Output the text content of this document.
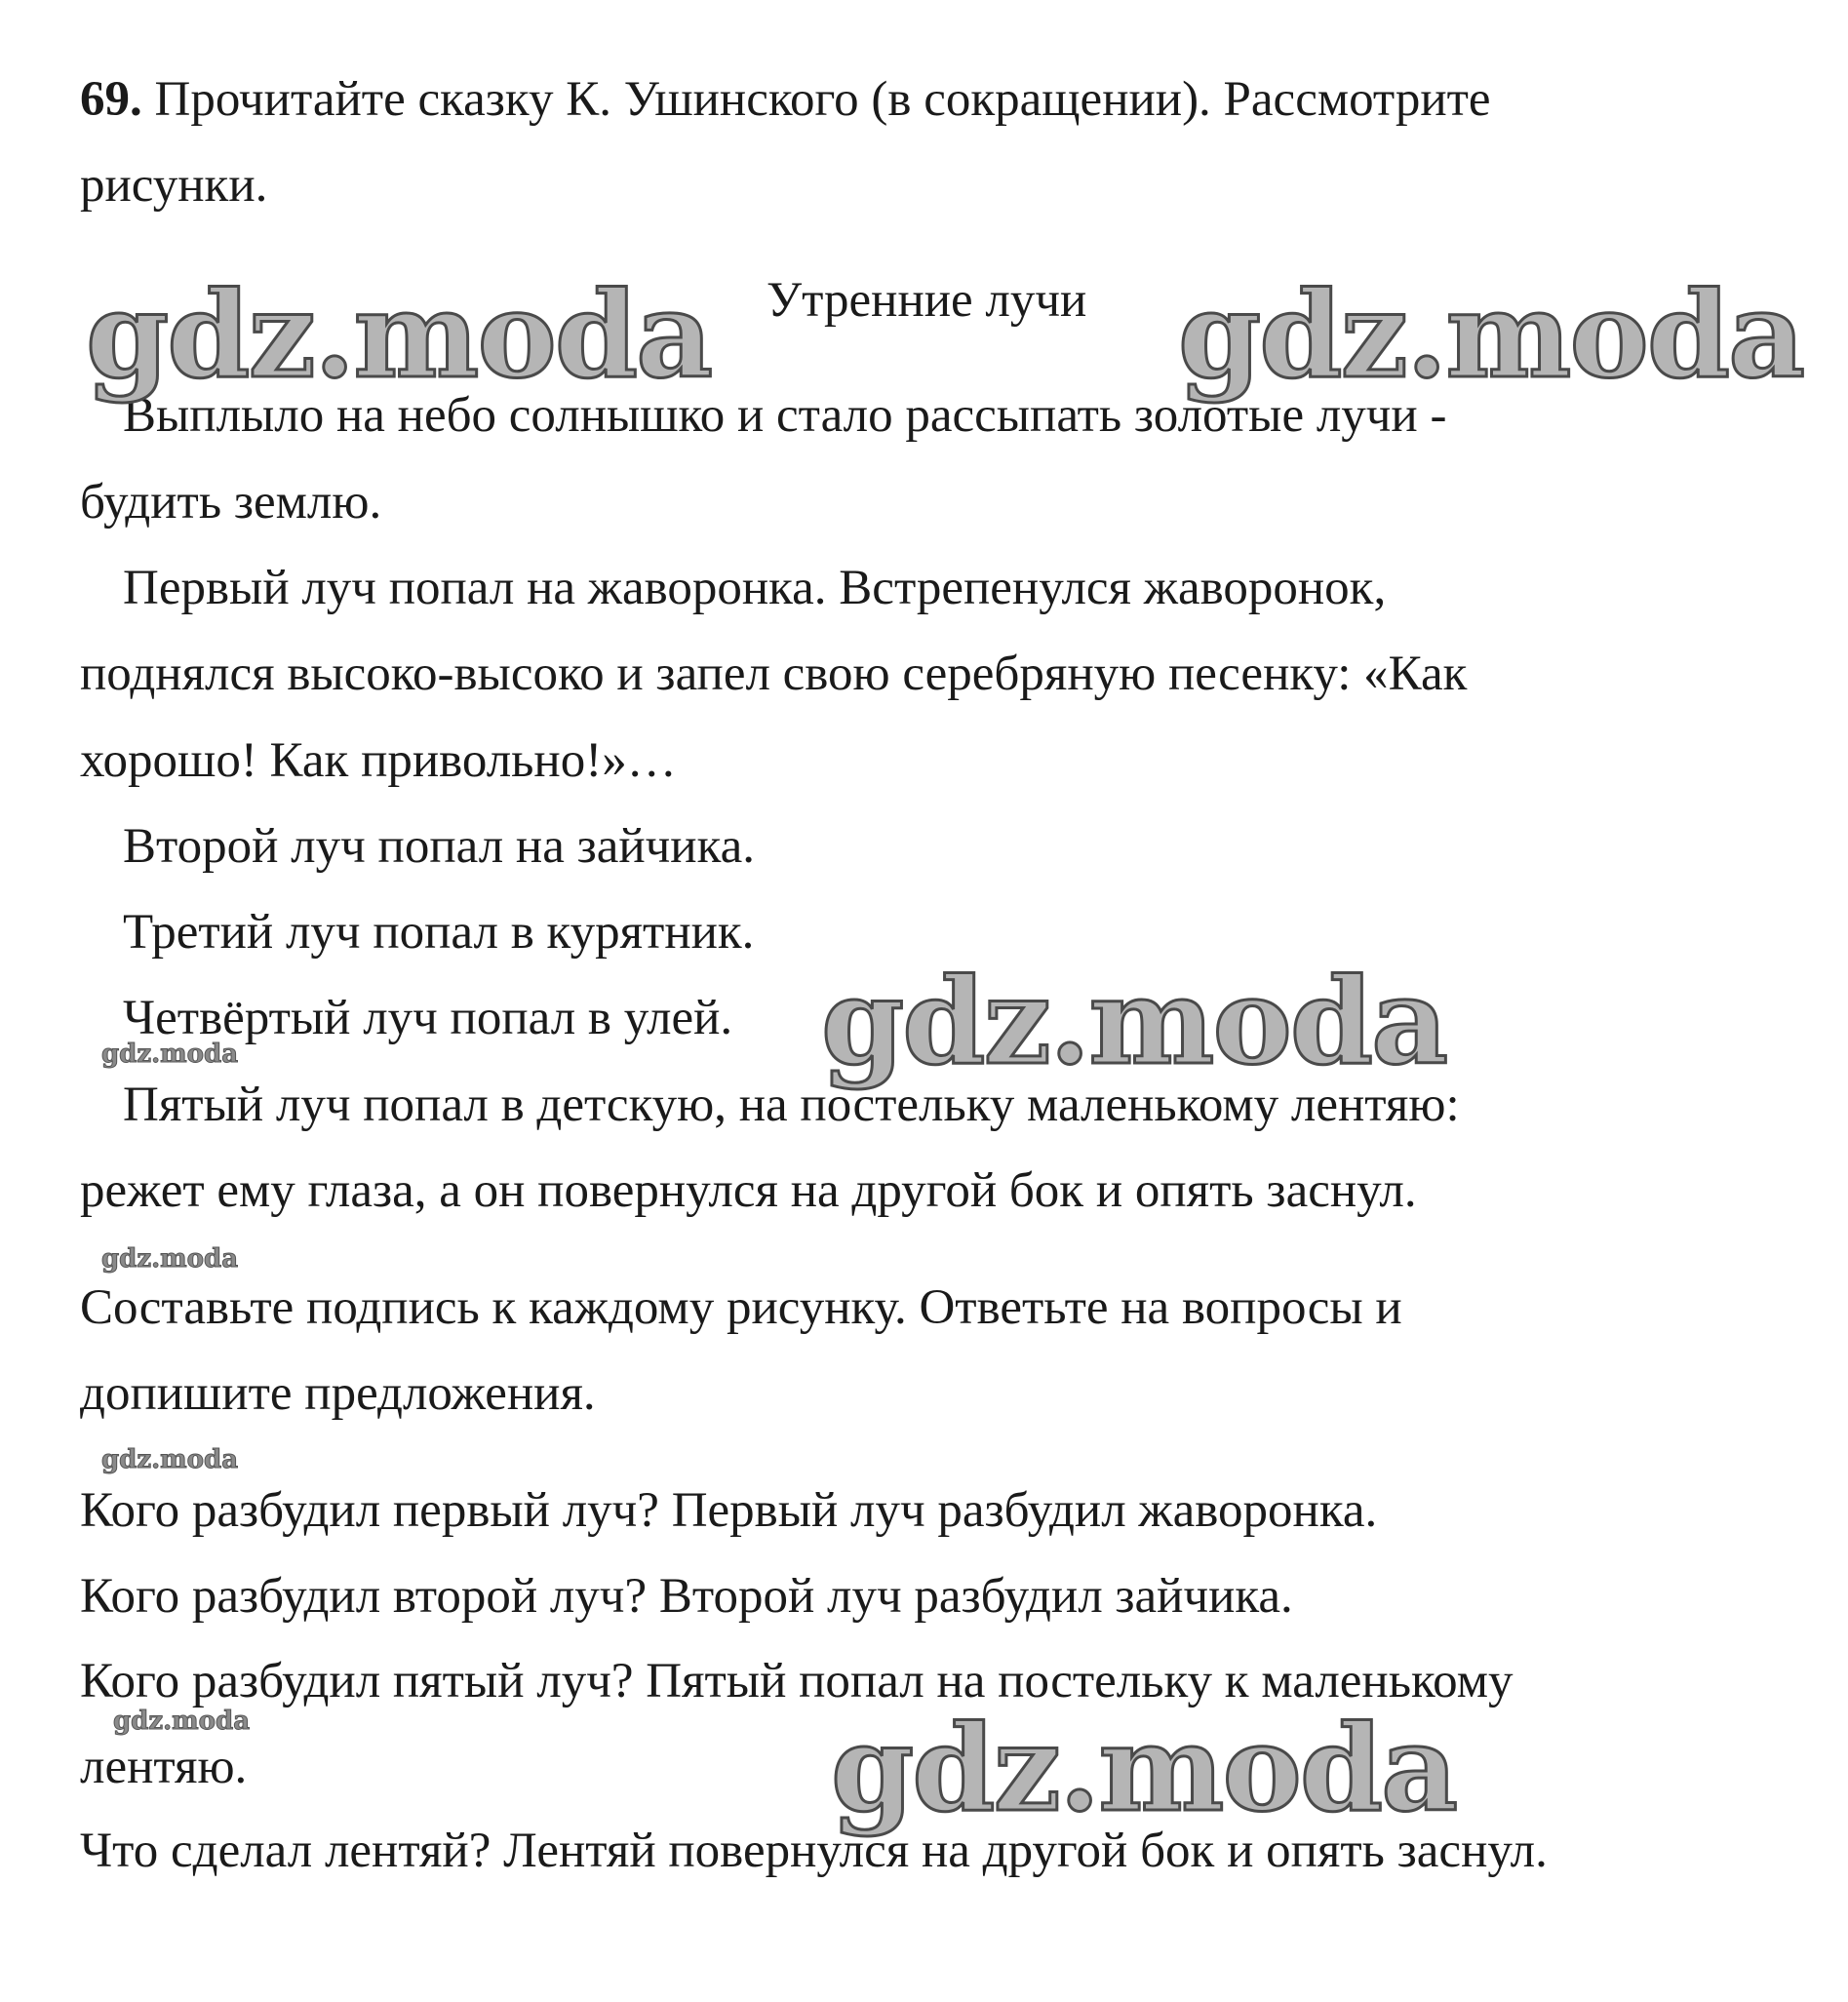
69. Прочитайте сказку К. Ушинского (в сокращении). Рассмотрите

рисунки.

Утренние лучи

Выплыло на небо солнышко и стало рассыпать золотые лучи -

будить землю.

Первый луч попал на жаворонка. Встрепенулся жаворонок,

поднялся высоко-высоко и запел свою серебряную песенку: «Как

хорошо! Как привольно!»…

Второй луч попал на зайчика.

Третий луч попал в курятник.

Четвёртый луч попал в улей.

Пятый луч попал в детскую, на постельку маленькому лентяю:

режет ему глаза, а он повернулся на другой бок и опять заснул.

Составьте подпись к каждому рисунку. Ответьте на вопросы и

допишите предложения.

Кого разбудил первый луч? Первый луч разбудил жаворонка.

Кого разбудил второй луч? Второй луч разбудил зайчика.

Кого разбудил пятый луч? Пятый попал на постельку к маленькому

лентяю.

Что сделал лентяй? Лентяй повернулся на другой бок и опять заснул.

gdz.moda	gdz.moda
gdz.moda
gdz.moda
gdz.moda
gdz.moda
gdz.moda
gdz.moda
